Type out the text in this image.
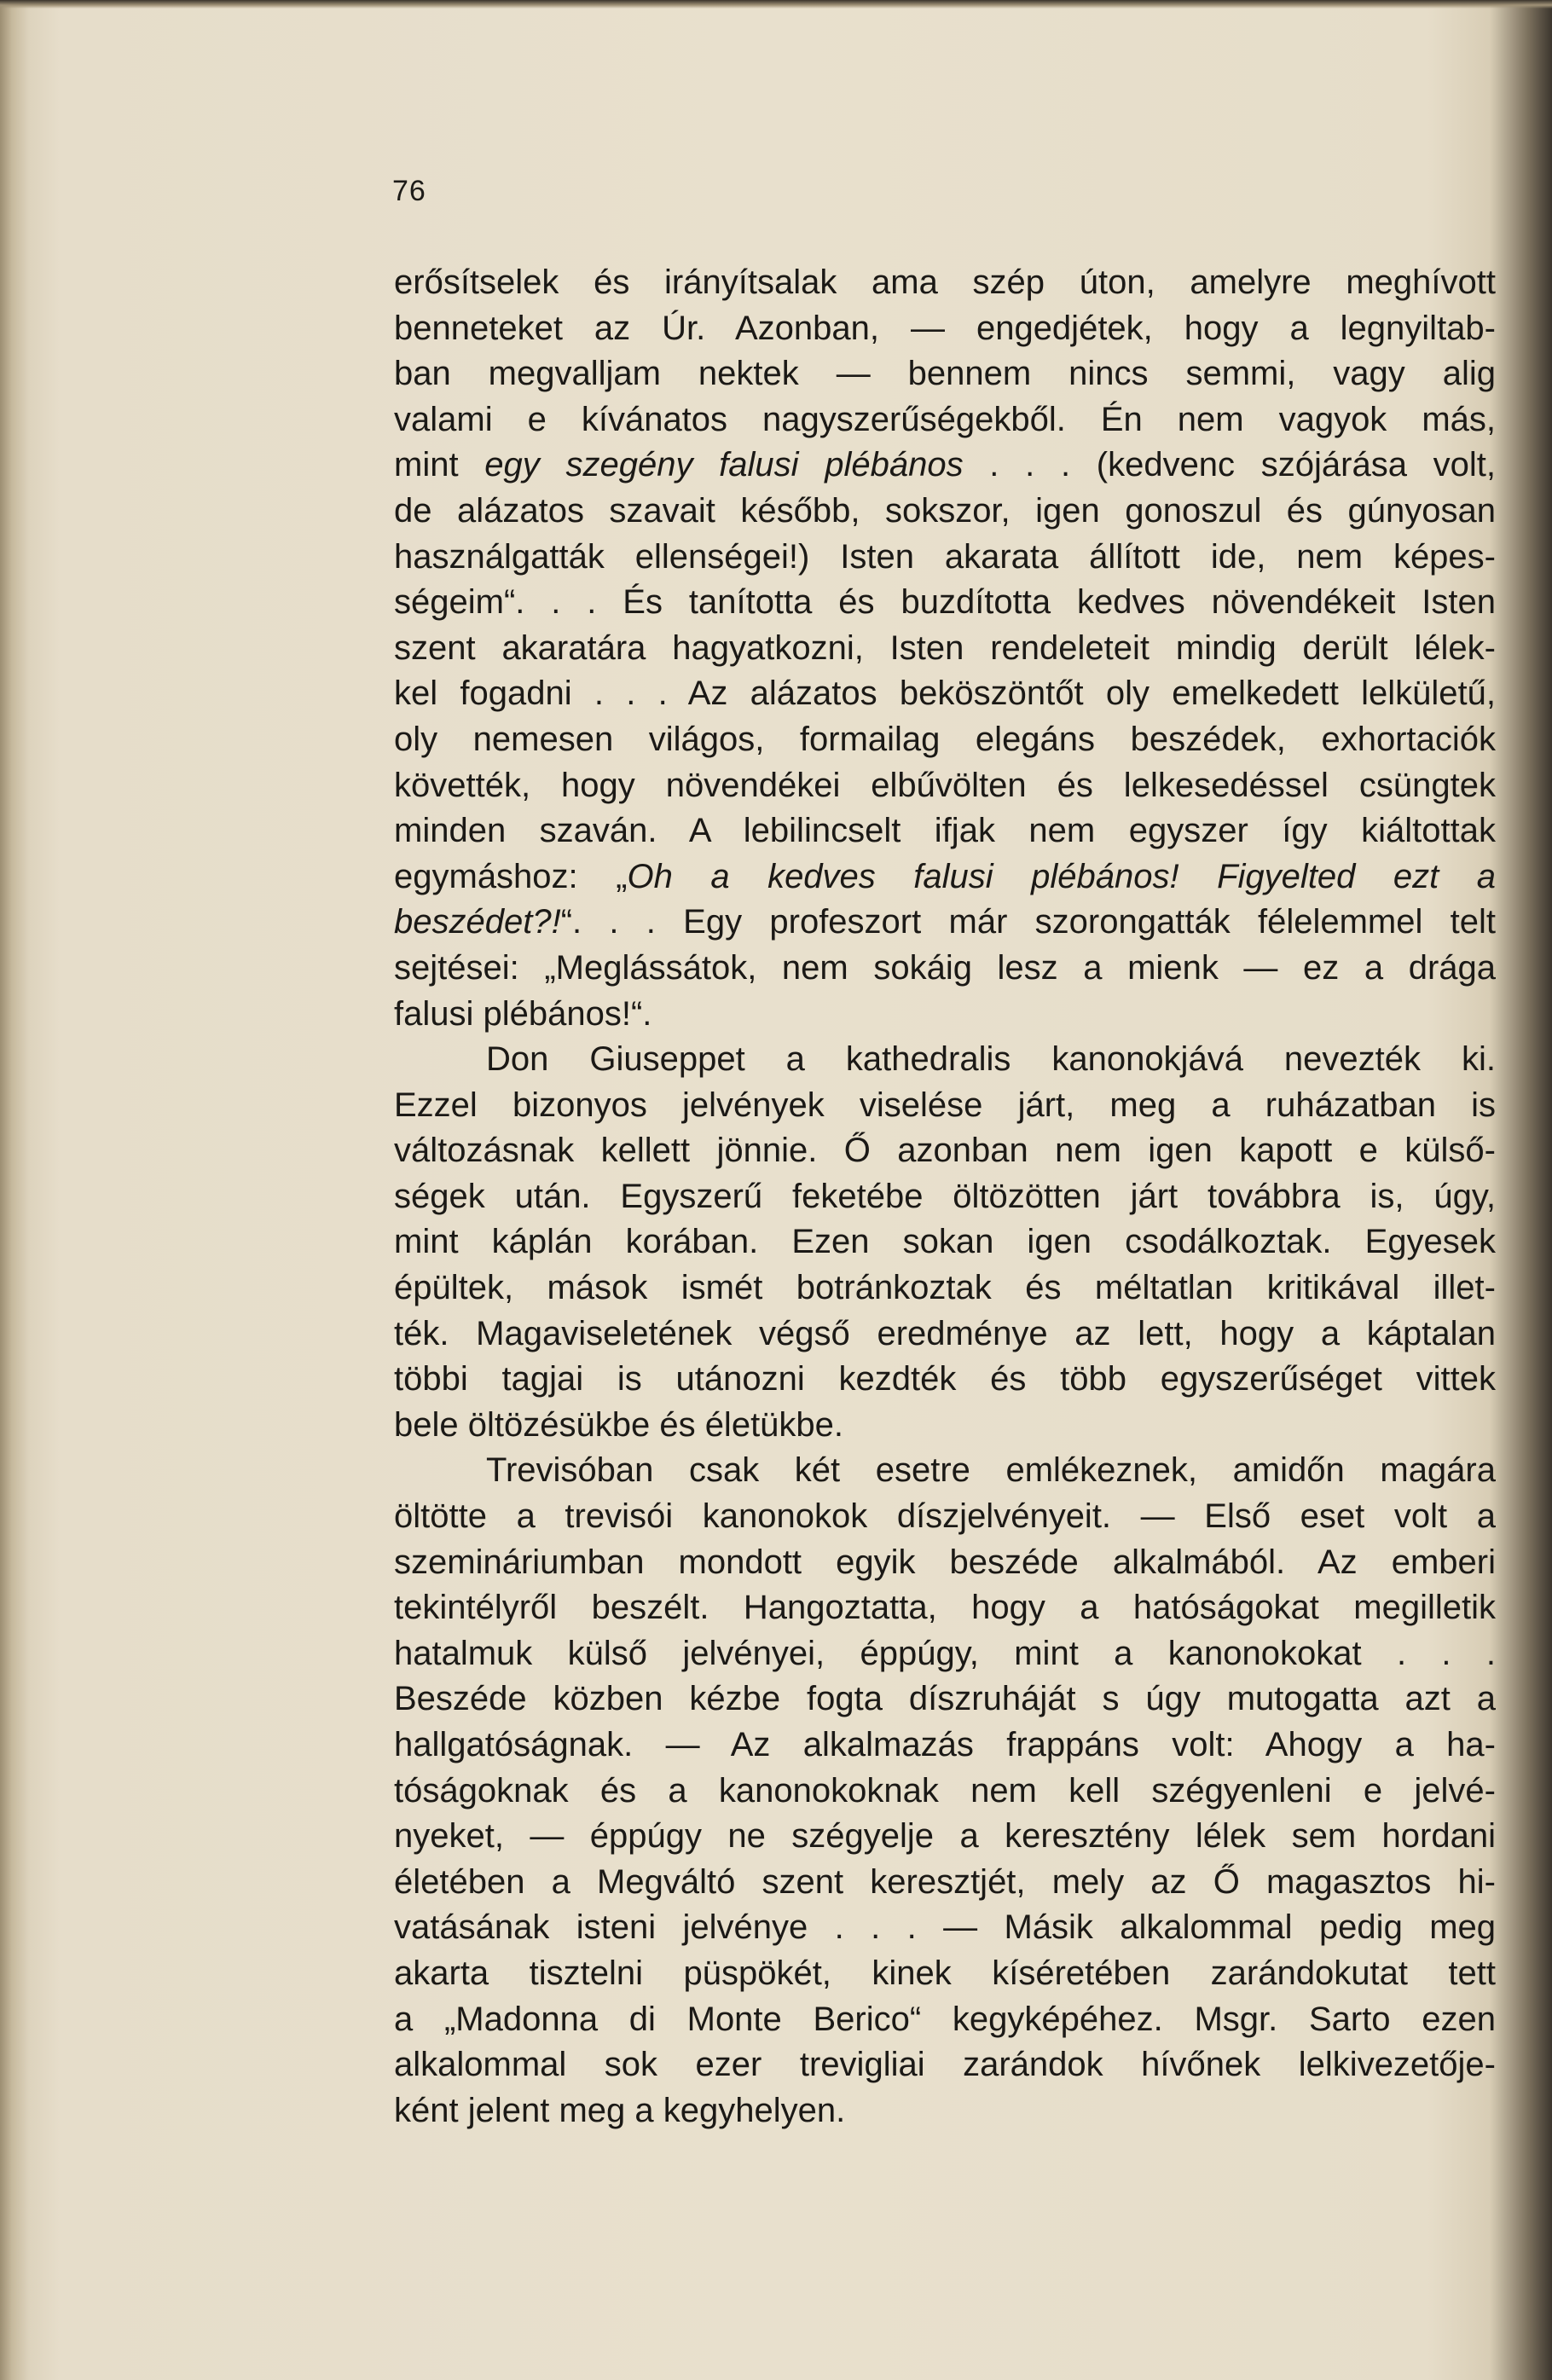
76
erősítselek és irányítsalak ama szép úton, amelyre meghívott
benneteket az Úr. Azonban, — engedjétek, hogy a legnyiltab-
ban megvalljam nektek — bennem nincs semmi, vagy alig
valami e kívánatos nagyszerűségekből. Én nem vagyok más,
mint egy szegény falusi plébános . . . (kedvenc szójárása volt,
de alázatos szavait később, sokszor, igen gonoszul és gúnyosan
használgatták ellenségei!) Isten akarata állított ide, nem képes-
ségeim“. . . És tanította és buzdította kedves növendékeit Isten
szent akaratára hagyatkozni, Isten rendeleteit mindig derült lélek-
kel fogadni . . . Az alázatos beköszöntőt oly emelkedett lelkületű,
oly nemesen világos, formailag elegáns beszédek, exhortaciók
követték, hogy növendékei elbűvölten és lelkesedéssel csüngtek
minden szaván. A lebilincselt ifjak nem egyszer így kiáltottak
egymáshoz: „Oh a kedves falusi plébános! Figyelted ezt a
beszédet?!“. . . Egy profeszort már szorongatták félelemmel telt
sejtései: „Meglássátok, nem sokáig lesz a mienk — ez a drága
falusi plébános!“.
Don Giuseppet a kathedralis kanonokjává nevezték ki.
Ezzel bizonyos jelvények viselése járt, meg a ruházatban is
változásnak kellett jönnie. Ő azonban nem igen kapott e külső-
ségek után. Egyszerű feketébe öltözötten járt továbbra is, úgy,
mint káplán korában. Ezen sokan igen csodálkoztak. Egyesek
épültek, mások ismét botránkoztak és méltatlan kritikával illet-
ték. Magaviseletének végső eredménye az lett, hogy a káptalan
többi tagjai is utánozni kezdték és több egyszerűséget vittek
bele öltözésükbe és életükbe.
Trevisóban csak két esetre emlékeznek, amidőn magára
öltötte a trevisói kanonokok díszjelvényeit. — Első eset volt a
szemináriumban mondott egyik beszéde alkalmából. Az emberi
tekintélyről beszélt. Hangoztatta, hogy a hatóságokat megilletik
hatalmuk külső jelvényei, éppúgy, mint a kanonokokat . . .
Beszéde közben kézbe fogta díszruháját s úgy mutogatta azt a
hallgatóságnak. — Az alkalmazás frappáns volt: Ahogy a ha-
tóságoknak és a kanonokoknak nem kell szégyenleni e jelvé-
nyeket, — éppúgy ne szégyelje a keresztény lélek sem hordani
életében a Megváltó szent keresztjét, mely az Ő magasztos hi-
vatásának isteni jelvénye . . . — Másik alkalommal pedig meg
akarta tisztelni püspökét, kinek kíséretében zarándokutat tett
a „Madonna di Monte Berico“ kegyképéhez. Msgr. Sarto ezen
alkalommal sok ezer trevigliai zarándok hívőnek lelkivezetője-
ként jelent meg a kegyhelyen.
